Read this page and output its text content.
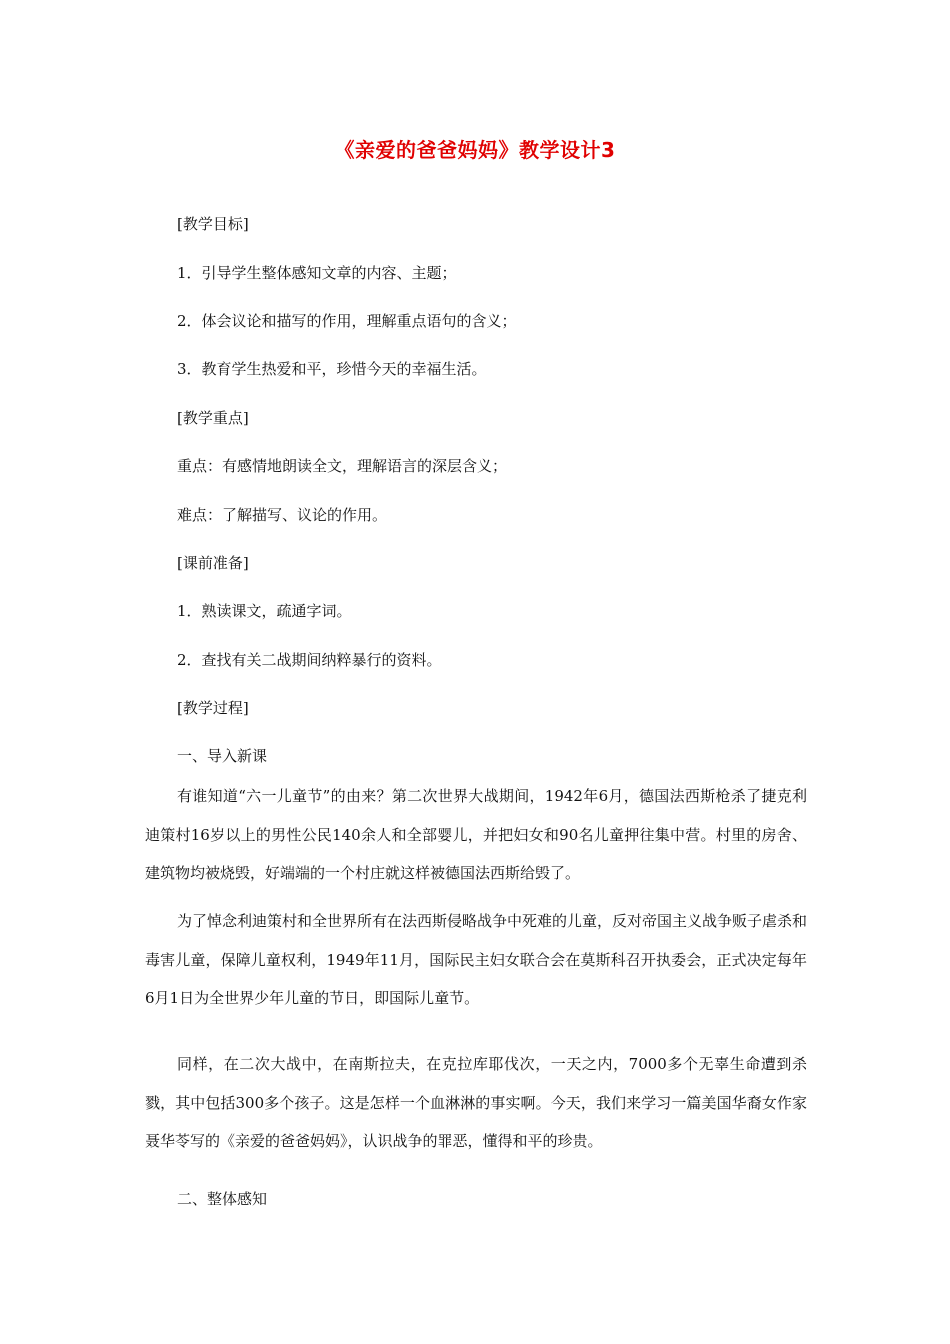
《亲爱的爸爸妈妈》教学设计3
[教学目标]
1．引导学生整体感知文章的内容、主题；
2．体会议论和描写的作用，理解重点语句的含义；
3．教育学生热爱和平，珍惜今天的幸福生活。
[教学重点]
重点：有感情地朗读全文，理解语言的深层含义；
难点：了解描写、议论的作用。
[课前准备]
1．熟读课文，疏通字词。
2．查找有关二战期间纳粹暴行的资料。
[教学过程]
一、导入新课
有谁知道“六一儿童节”的由来？第二次世界大战期间，1942年6月，德国法西斯枪杀了捷克利迪策村16岁以上的男性公民140余人和全部婴儿，并把妇女和90名儿童押往集中营。村里的房舍、建筑物均被烧毁，好端端的一个村庄就这样被德国法西斯给毁了。
为了悼念利迪策村和全世界所有在法西斯侵略战争中死难的儿童，反对帝国主义战争贩子虐杀和毒害儿童，保障儿童权利，1949年11月，国际民主妇女联合会在莫斯科召开执委会，正式决定每年6月1日为全世界少年儿童的节日，即国际儿童节。
同样，在二次大战中，在南斯拉夫，在克拉库耶伐次，一天之内，7000多个无辜生命遭到杀戮，其中包括300多个孩子。这是怎样一个血淋淋的事实啊。今天，我们来学习一篇美国华裔女作家聂华苓写的《亲爱的爸爸妈妈》，认识战争的罪恶，懂得和平的珍贵。
二、整体感知
